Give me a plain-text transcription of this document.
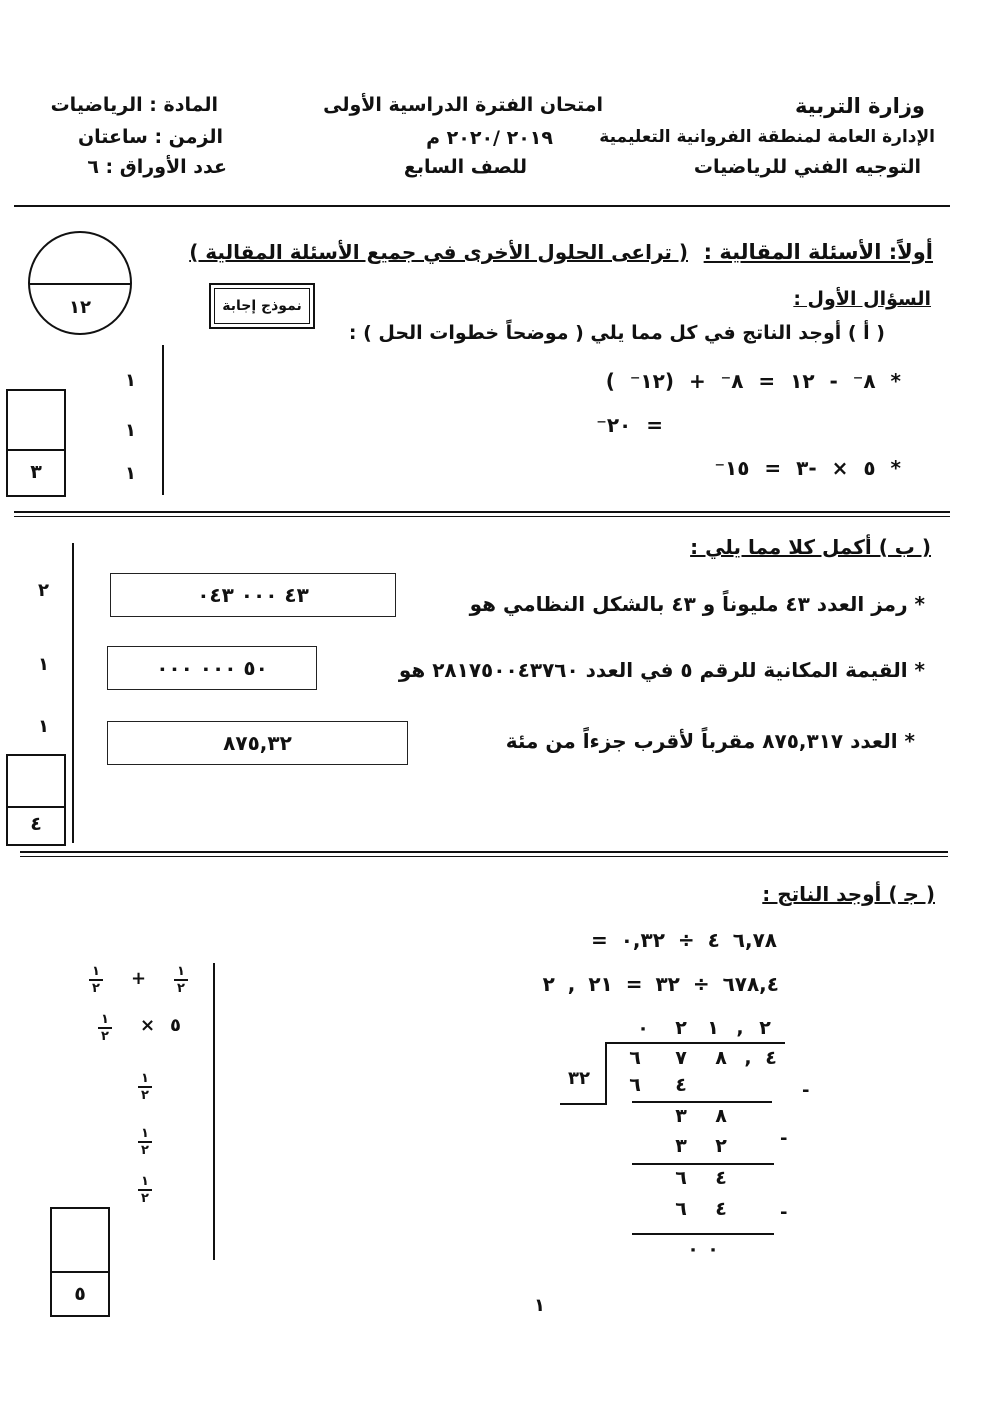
وزارة التربية
الإدارة العامة لمنطقة الفروانية التعليمية
التوجيه الفني للرياضيات
امتحان الفترة الدراسية الأولى
٢٠١٩ /٢٠٢٠ م
للصف السابع
المادة : الرياضيات
الزمن : ساعتان
عدد الأوراق : ٦
أولاً: الأسئلة المقالية :
( تراعى الحلول الأخرى في جميع الأسئلة المقالية )
السؤال الأول :
١٢	نموذج إجابة
( ﺃ ) أوجد الناتج في كل مما يلي ( موضحاً خطوات الحل ) :
* ٨⁻ - ١٢ = ٨⁻ + (١٢⁻ )
= ٢٠⁻
* ٥ × -٣ = ١٥⁻
١
١
١
٣
( ب ) أكمل كلا مما يلي :
* رمز العدد ٤٣ مليوناً و ٤٣ بالشكل النظامي هو
٤٣ ٠٠٠ ٠٤٣
٢
* القيمة المكانية للرقم ٥ في العدد ٢٨١٧٥٠٠٤٣٧٦٠ هو
٥٠ ٠٠٠ ٠٠٠
١
* العدد ٨٧٥,٣١٧ مقرباً لأقرب جزءاً من مئة
٨٧٥,٣٢
١
٤
( ﺟ ) أوجد الناتج :
٦,٧٨ ٤ ÷ ٠,٣٢ =
٦٧٨,٤ ÷ ٣٢ = ٢١ , ٢
٠	٢	١ , ٢
٦	٧	٨ , ٤
٣٢	٦	٤	-
٣	٨
٣	٢	-
٦	٤
٦	٤	-
٠ ٠
١
٢
+
١
٢
٥
×
١
٢
١
٢
١
٢
١
٢
٥
١
